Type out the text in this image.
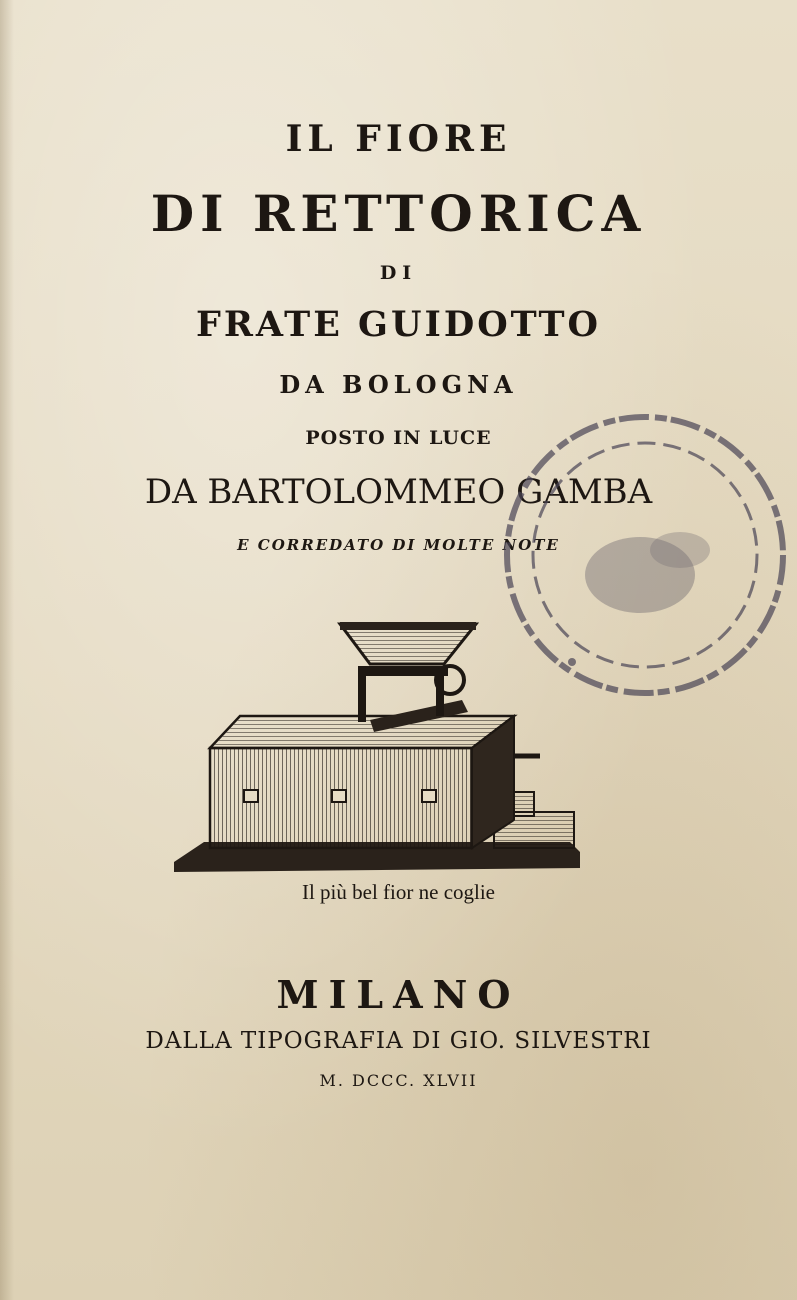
IL FIORE
DI RETTORICA
DI
FRATE GUIDOTTO
DA BOLOGNA
POSTO IN LUCE
DA BARTOLOMMEO GAMBA
E CORREDATO DI MOLTE NOTE
Il più bel fior ne coglie
MILANO
DALLA TIPOGRAFIA DI GIO. SILVESTRI
M. DCCC. XLVII
